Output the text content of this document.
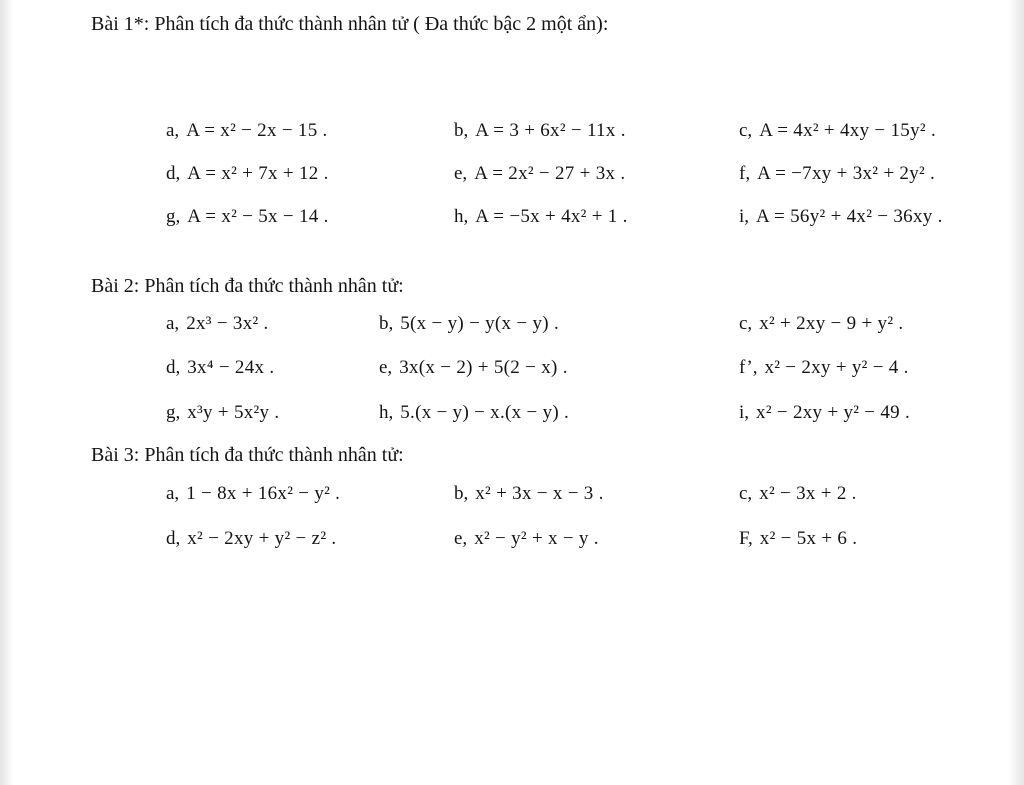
Bài 1*: Phân tích đa thức thành nhân tử ( Đa thức bậc 2 một ẩn):
a, A = x² − 2x − 15 .	b, A = 3 + 6x² − 11x .	c, A = 4x² + 4xy − 15y² .
d, A = x² + 7x + 12 .	e, A = 2x² − 27 + 3x .	f, A = −7xy + 3x² + 2y² .
g, A = x² − 5x − 14 .	h, A = −5x + 4x² + 1 .	i, A = 56y² + 4x² − 36xy .
Bài 2: Phân tích đa thức thành nhân tử:
a, 2x³ − 3x² .	b, 5(x − y) − y(x − y) .	c, x² + 2xy − 9 + y² .
d, 3x⁴ − 24x .	e, 3x(x − 2) + 5(2 − x) .	f’, x² − 2xy + y² − 4 .
g, x³y + 5x²y .	h, 5.(x − y) − x.(x − y) .	i, x² − 2xy + y² − 49 .
Bài 3: Phân tích đa thức thành nhân tử:
a, 1 − 8x + 16x² − y² .	b, x² + 3x − x − 3 .	c, x² − 3x + 2 .
d, x² − 2xy + y² − z² .	e, x² − y² + x − y .	F, x² − 5x + 6 .
